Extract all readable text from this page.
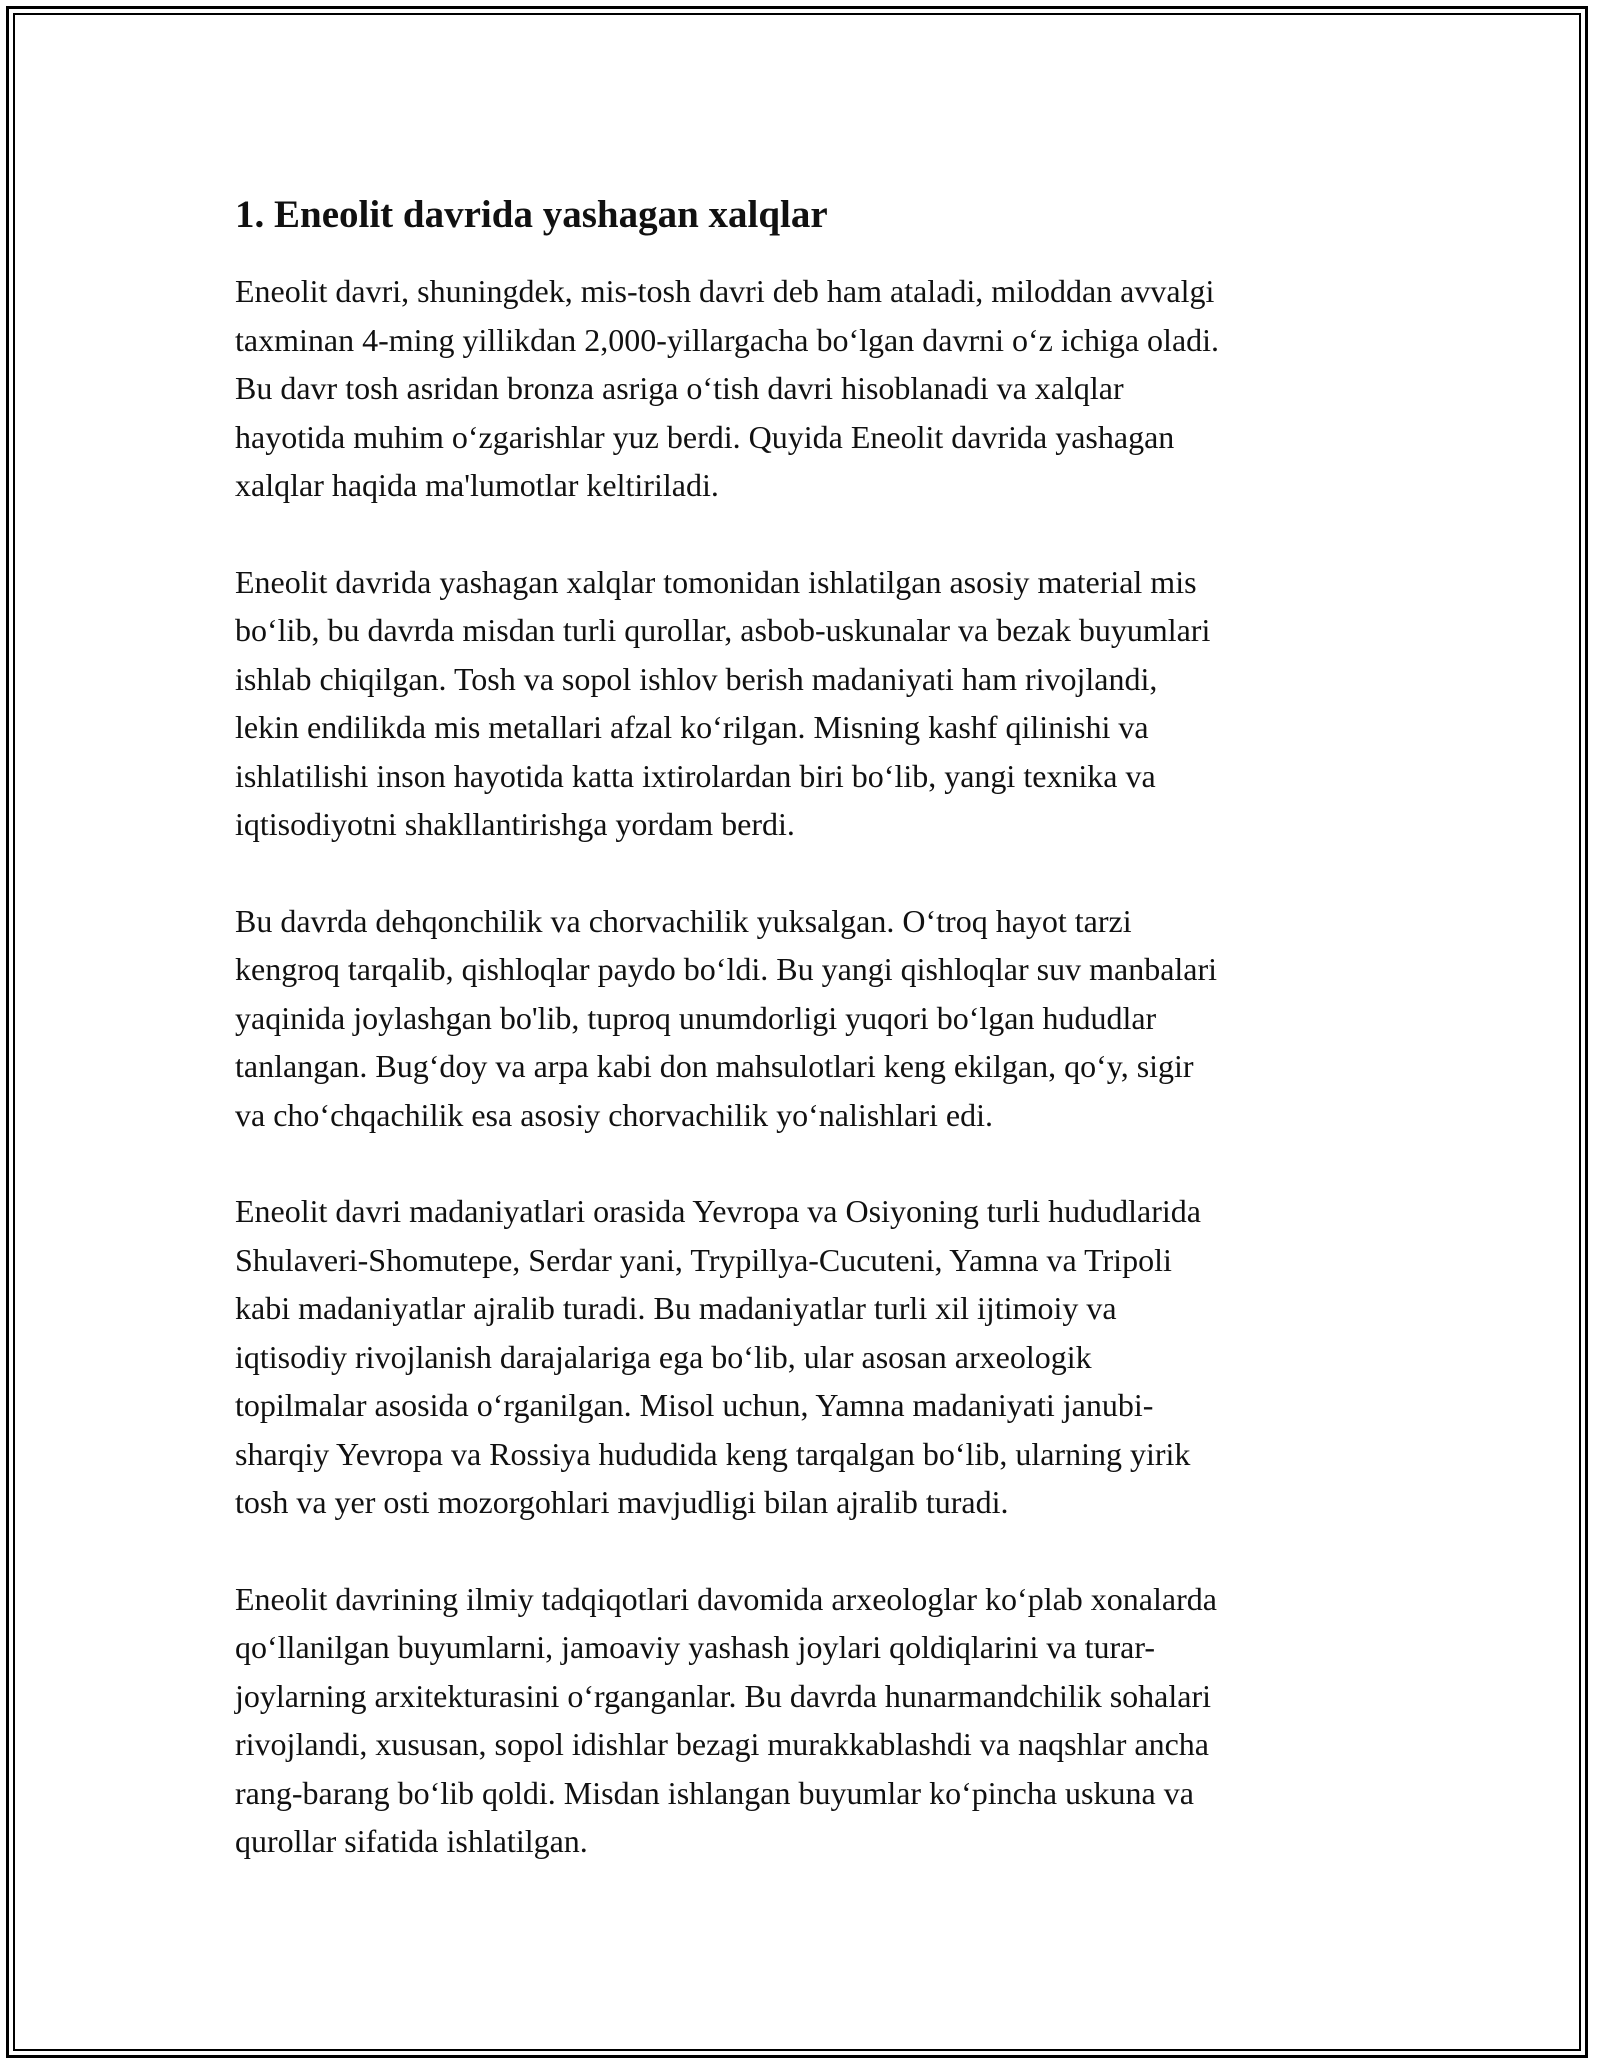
1. Eneolit davrida yashagan xalqlar

Eneolit davri, shuningdek, mis-tosh davri deb ham ataladi, miloddan avvalgi
taxminan 4-ming yillikdan 2,000-yillargacha bo‘lgan davrni o‘z ichiga oladi.
Bu davr tosh asridan bronza asriga o‘tish davri hisoblanadi va xalqlar
hayotida muhim o‘zgarishlar yuz berdi. Quyida Eneolit davrida yashagan
xalqlar haqida ma'lumotlar keltiriladi.

Eneolit davrida yashagan xalqlar tomonidan ishlatilgan asosiy material mis
bo‘lib, bu davrda misdan turli qurollar, asbob-uskunalar va bezak buyumlari
ishlab chiqilgan. Tosh va sopol ishlov berish madaniyati ham rivojlandi,
lekin endilikda mis metallari afzal ko‘rilgan. Misning kashf qilinishi va
ishlatilishi inson hayotida katta ixtirolardan biri bo‘lib, yangi texnika va
iqtisodiyotni shakllantirishga yordam berdi.

Bu davrda dehqonchilik va chorvachilik yuksalgan. O‘troq hayot tarzi
kengroq tarqalib, qishloqlar paydo bo‘ldi. Bu yangi qishloqlar suv manbalari
yaqinida joylashgan bo'lib, tuproq unumdorligi yuqori bo‘lgan hududlar
tanlangan. Bug‘doy va arpa kabi don mahsulotlari keng ekilgan, qo‘y, sigir
va cho‘chqachilik esa asosiy chorvachilik yo‘nalishlari edi.

Eneolit davri madaniyatlari orasida Yevropa va Osiyoning turli hududlarida
Shulaveri-Shomutepe, Serdar yani, Trypillya-Cucuteni, Yamna va Tripoli
kabi madaniyatlar ajralib turadi. Bu madaniyatlar turli xil ijtimoiy va
iqtisodiy rivojlanish darajalariga ega bo‘lib, ular asosan arxeologik
topilmalar asosida o‘rganilgan. Misol uchun, Yamna madaniyati janubi-
sharqiy Yevropa va Rossiya hududida keng tarqalgan bo‘lib, ularning yirik
tosh va yer osti mozorgohlari mavjudligi bilan ajralib turadi.

Eneolit davrining ilmiy tadqiqotlari davomida arxeologlar ko‘plab xonalarda
qo‘llanilgan buyumlarni, jamoaviy yashash joylari qoldiqlarini va turar-
joylarning arxitekturasini o‘rganganlar. Bu davrda hunarmandchilik sohalari
rivojlandi, xususan, sopol idishlar bezagi murakkablashdi va naqshlar ancha
rang-barang bo‘lib qoldi. Misdan ishlangan buyumlar ko‘pincha uskuna va
qurollar sifatida ishlatilgan.
